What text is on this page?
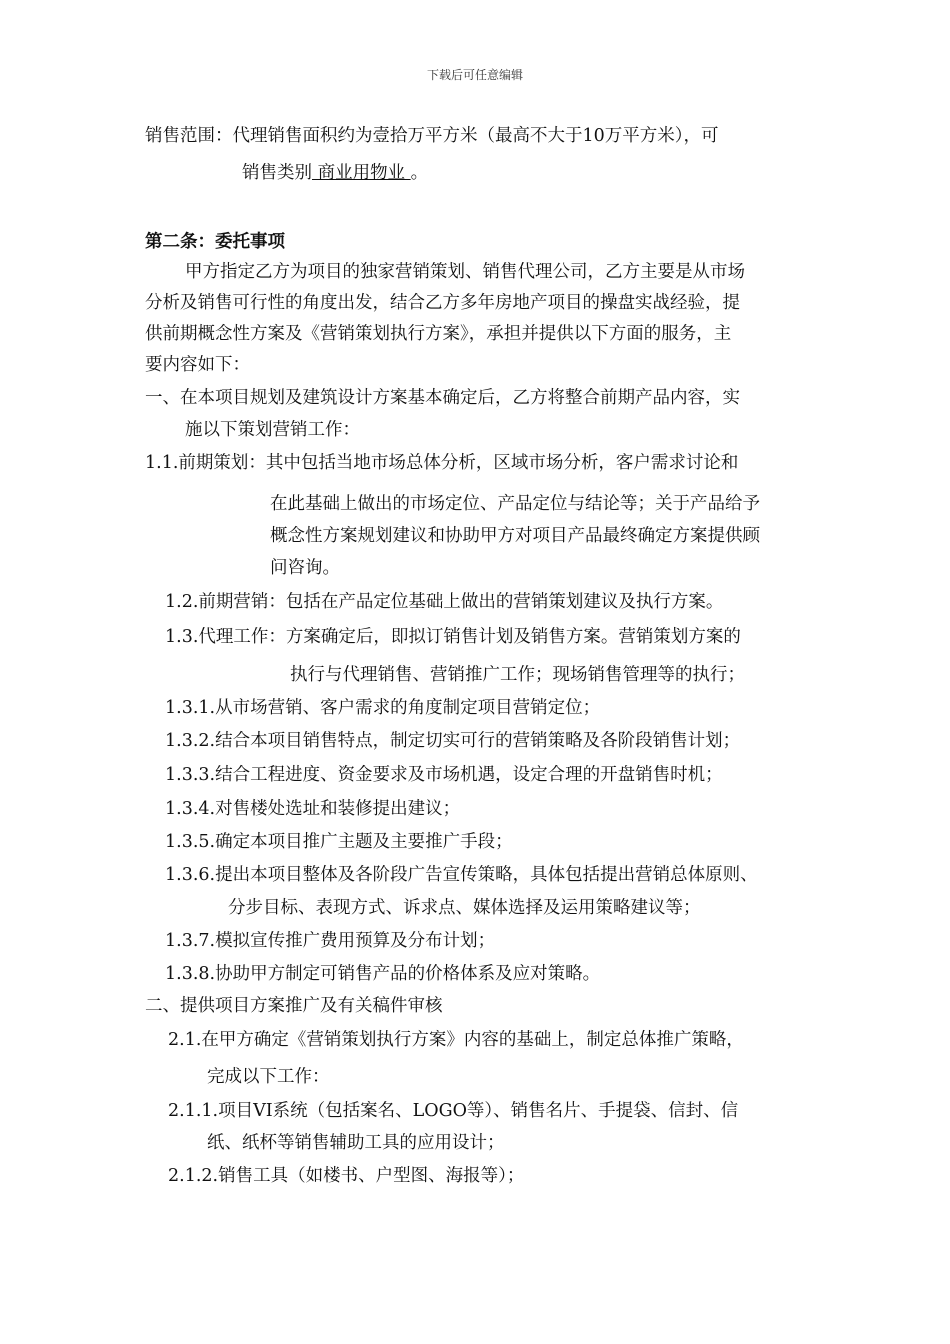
下载后可任意编辑
销售范围：代理销售面积约为壹拾万平方米（最高不大于10万平方米），可
销售类别 商业用物业 。
第二条：委托事项
甲方指定乙方为项目的独家营销策划、销售代理公司，乙方主要是从市场
分析及销售可行性的角度出发，结合乙方多年房地产项目的操盘实战经验，提
供前期概念性方案及《营销策划执行方案》，承担并提供以下方面的服务，主
要内容如下：
一、在本项目规划及建筑设计方案基本确定后，乙方将整合前期产品内容，实
施以下策划营销工作：
1.1.前期策划：其中包括当地市场总体分析，区域市场分析，客户需求讨论和
在此基础上做出的市场定位、产品定位与结论等；关于产品给予
概念性方案规划建议和协助甲方对项目产品最终确定方案提供顾
问咨询。
1.2.前期营销：包括在产品定位基础上做出的营销策划建议及执行方案。
1.3.代理工作：方案确定后，即拟订销售计划及销售方案。营销策划方案的
执行与代理销售、营销推广工作；现场销售管理等的执行；
1.3.1.从市场营销、客户需求的角度制定项目营销定位；
1.3.2.结合本项目销售特点，制定切实可行的营销策略及各阶段销售计划；
1.3.3.结合工程进度、资金要求及市场机遇，设定合理的开盘销售时机；
1.3.4.对售楼处选址和装修提出建议；
1.3.5.确定本项目推广主题及主要推广手段；
1.3.6.提出本项目整体及各阶段广告宣传策略，具体包括提出营销总体原则、
分步目标、表现方式、诉求点、媒体选择及运用策略建议等；
1.3.7.模拟宣传推广费用预算及分布计划；
1.3.8.协助甲方制定可销售产品的价格体系及应对策略。
二、提供项目方案推广及有关稿件审核
2.1.在甲方确定《营销策划执行方案》内容的基础上，制定总体推广策略，
完成以下工作：
2.1.1.项目VI系统（包括案名、LOGO等）、销售名片、手提袋、信封、信
纸、纸杯等销售辅助工具的应用设计；
2.1.2.销售工具（如楼书、户型图、海报等）；
